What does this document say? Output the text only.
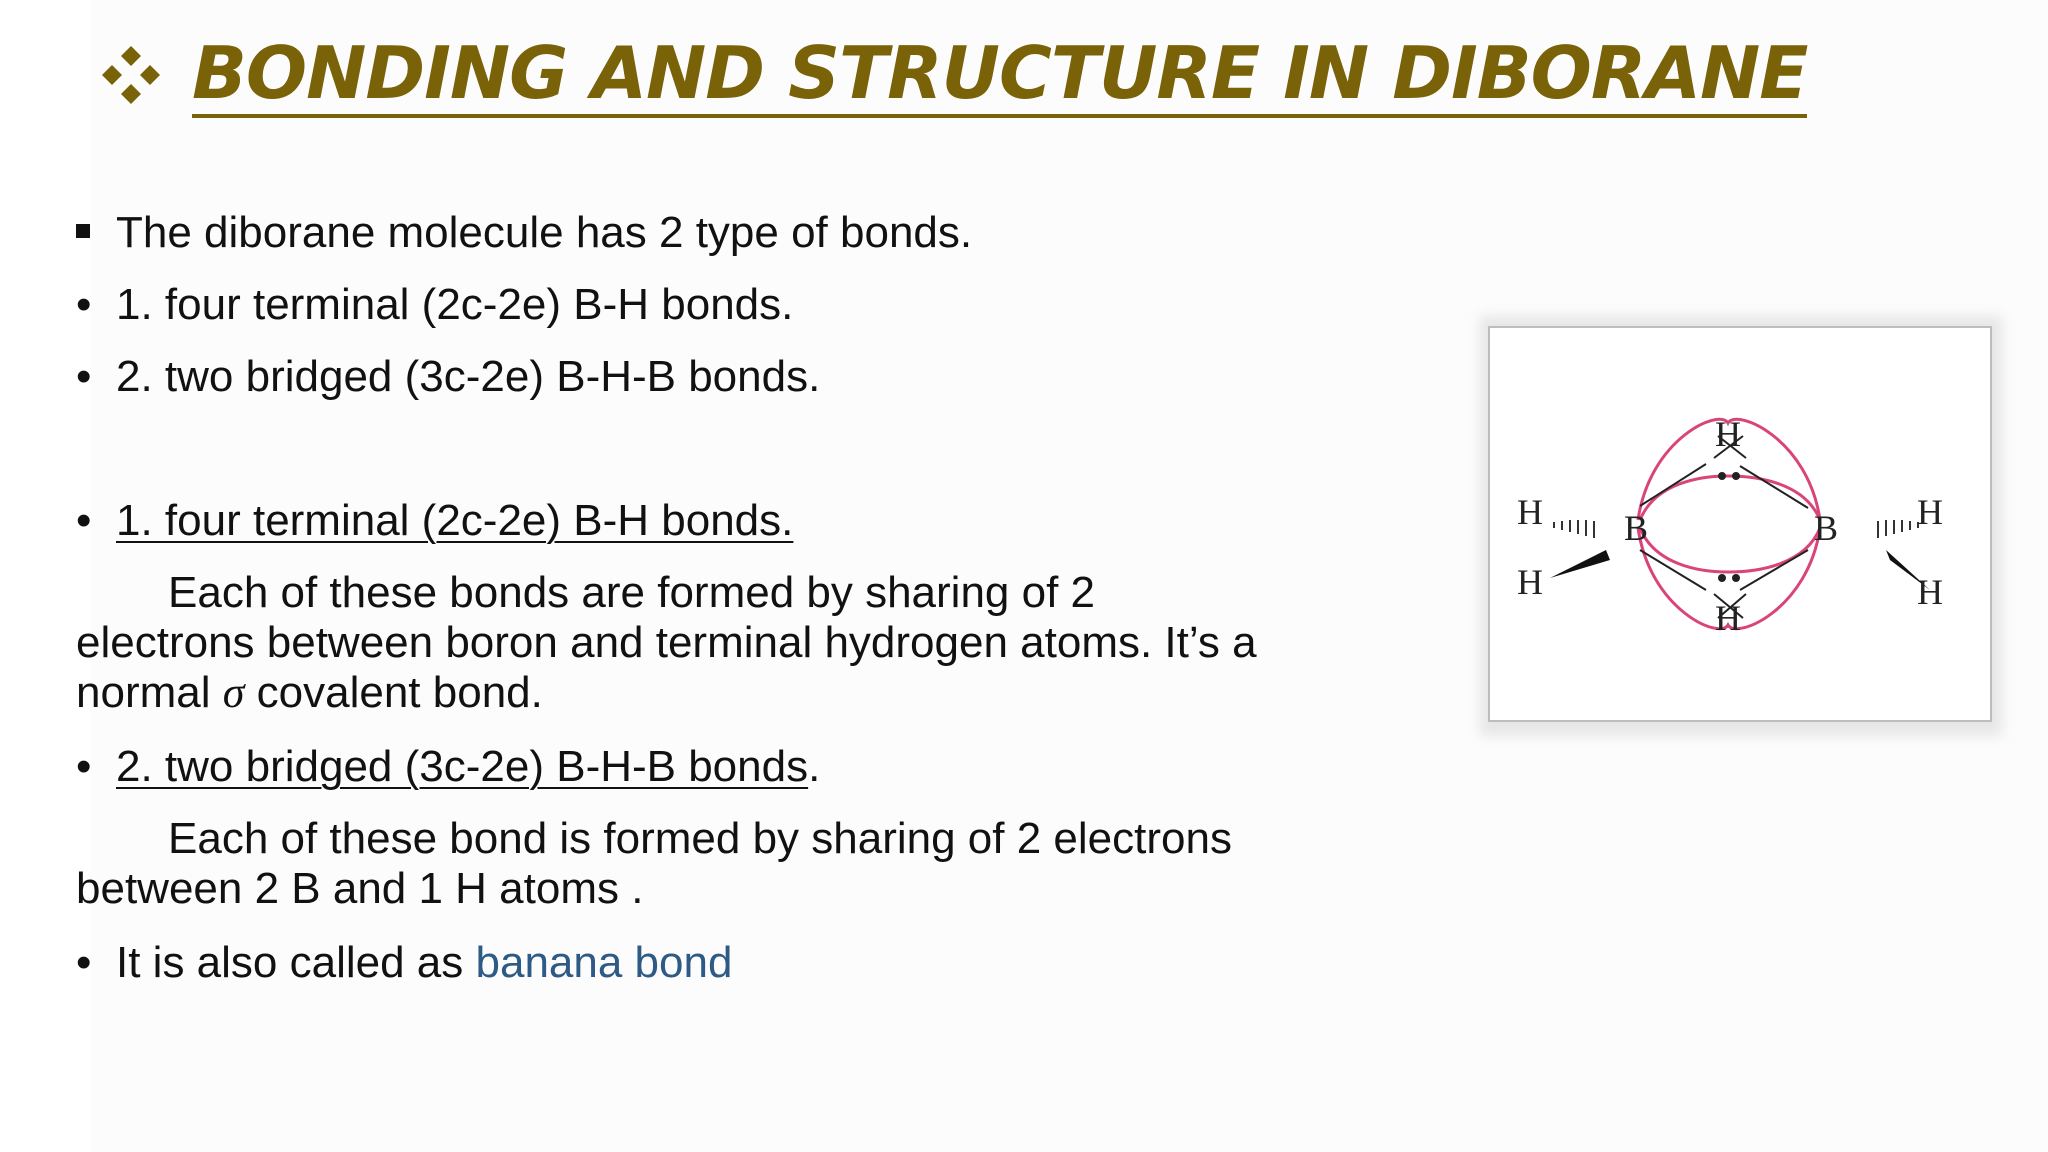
BONDING AND STRUCTURE IN DIBORANE
The diborane molecule has 2 type of bonds.
• 1. four terminal (2c-2e) B-H bonds.
• 2. two bridged (3c-2e) B-H-B bonds.
• 1. four terminal (2c-2e) B-H bonds.
Each of these bonds are formed by sharing of 2
electrons between boron and terminal hydrogen atoms. It’s a
normal σ covalent bond.
• 2. two bridged (3c-2e) B-H-B bonds.
Each of these bond is formed by sharing of 2 electrons
between 2 B and 1 H atoms .
• It is also called as banana bond
H
H
B	B
H
H
H
H
